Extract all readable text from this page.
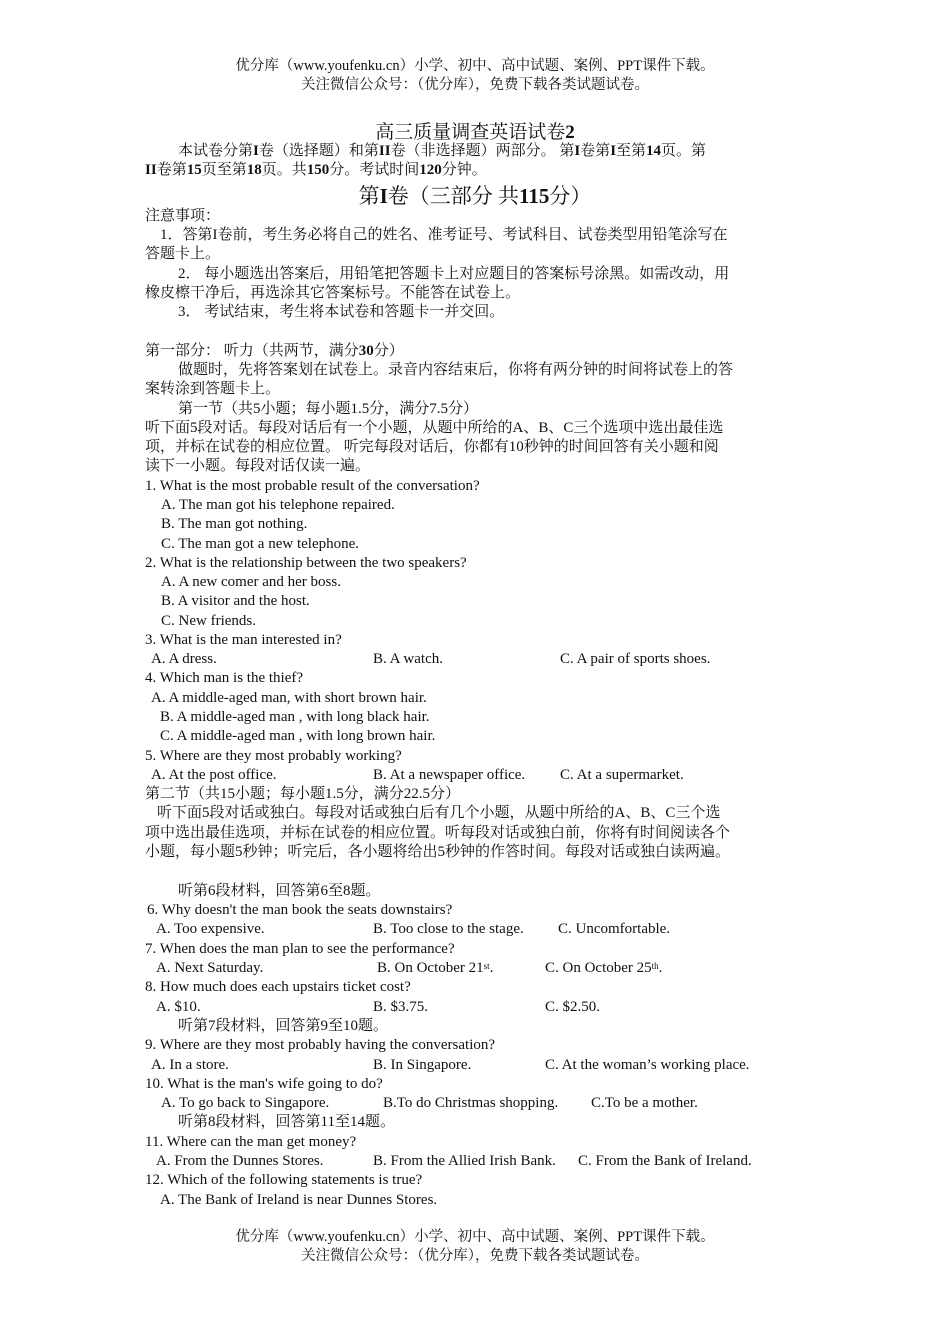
优分库（www.youfenku.cn）小学、初中、高中试题、案例、PPT课件下载。
关注微信公众号：（优分库），免费下载各类试题试卷。
高三质量调查英语试卷2
本试卷分第I卷（选择题）和第II卷（非选择题）两部分。 第I卷第I至第14页。第
II卷第15页至第18页。共150分。考试时间120分钟。
第I卷（三部分 共115分）
注意事项：
1．答第I卷前，考生务必将自己的姓名、准考证号、考试科目、试卷类型用铅笔涂写在
答题卡上。
2． 每小题选出答案后，用铅笔把答题卡上对应题目的答案标号涂黑。如需改动，用
橡皮檫干净后，再选涂其它答案标号。不能答在试卷上。
3． 考试结束，考生将本试卷和答题卡一并交回。
第一部分： 听力（共两节，满分30分）
做题时，先将答案划在试卷上。录音内容结束后，你将有两分钟的时间将试卷上的答
案转涂到答题卡上。
第一节（共5小题；每小题1.5分，满分7.5分）
听下面5段对话。每段对话后有一个小题，从题中所给的A、B、C三个选项中选出最佳选
项，并标在试卷的相应位置。 听完每段对话后，你都有10秒钟的时间回答有关小题和阅
读下一小题。每段对话仅读一遍。
1. What is the most probable result of the conversation?
A. The man got his telephone repaired.
B. The man got nothing.
C. The man got a new telephone.
2. What is the relationship between the two speakers?
A. A new comer and her boss.
B. A visitor and the host.
C. New friends.
3. What is the man interested in?
A. A dress.	B. A watch.	C. A pair of sports shoes.
4. Which man is the thief?
A. A middle-aged man, with short brown hair.
B. A middle-aged man , with long black hair.
C. A middle-aged man , with long brown hair.
5. Where are they most probably working?
A. At the post office.	B. At a newspaper office. C. At a supermarket.
第二节（共15小题；每小题1.5分，满分22.5分）
听下面5段对话或独白。每段对话或独白后有几个小题，从题中所给的A、B、C三个选
项中选出最佳选项，并标在试卷的相应位置。听每段对话或独白前，你将有时间阅读各个
小题，每小题5秒钟；听完后，各小题将给出5秒钟的作答时间。每段对话或独白读两遍。
听第6段材料，回答第6至8题。
6. Why doesn't the man book the seats downstairs?
A. Too expensive.	B. Too close to the stage. C. Uncomfortable.
7. When does the man plan to see the performance?
A. Next Saturday.	B. On October 21st.	C. On October 25th.
8. How much does each upstairs ticket cost?
A. $10.	B. $3.75.	C. $2.50.
听第7段材料，回答第9至10题。
9. Where are they most probably having the conversation?
A. In a store.	B. In Singapore.	C. At the woman’s working place.
10. What is the man's wife going to do?
A. To go back to Singapore.	B.To do Christmas shopping. C.To be a mother.
听第8段材料，回答第11至14题。
11. Where can the man get money?
A. From the Dunnes Stores.	B. From the Allied Irish Bank. C. From the Bank of Ireland.
12. Which of the following statements is true?
A. The Bank of Ireland is near Dunnes Stores.
优分库（www.youfenku.cn）小学、初中、高中试题、案例、PPT课件下载。
关注微信公众号：（优分库），免费下载各类试题试卷。
